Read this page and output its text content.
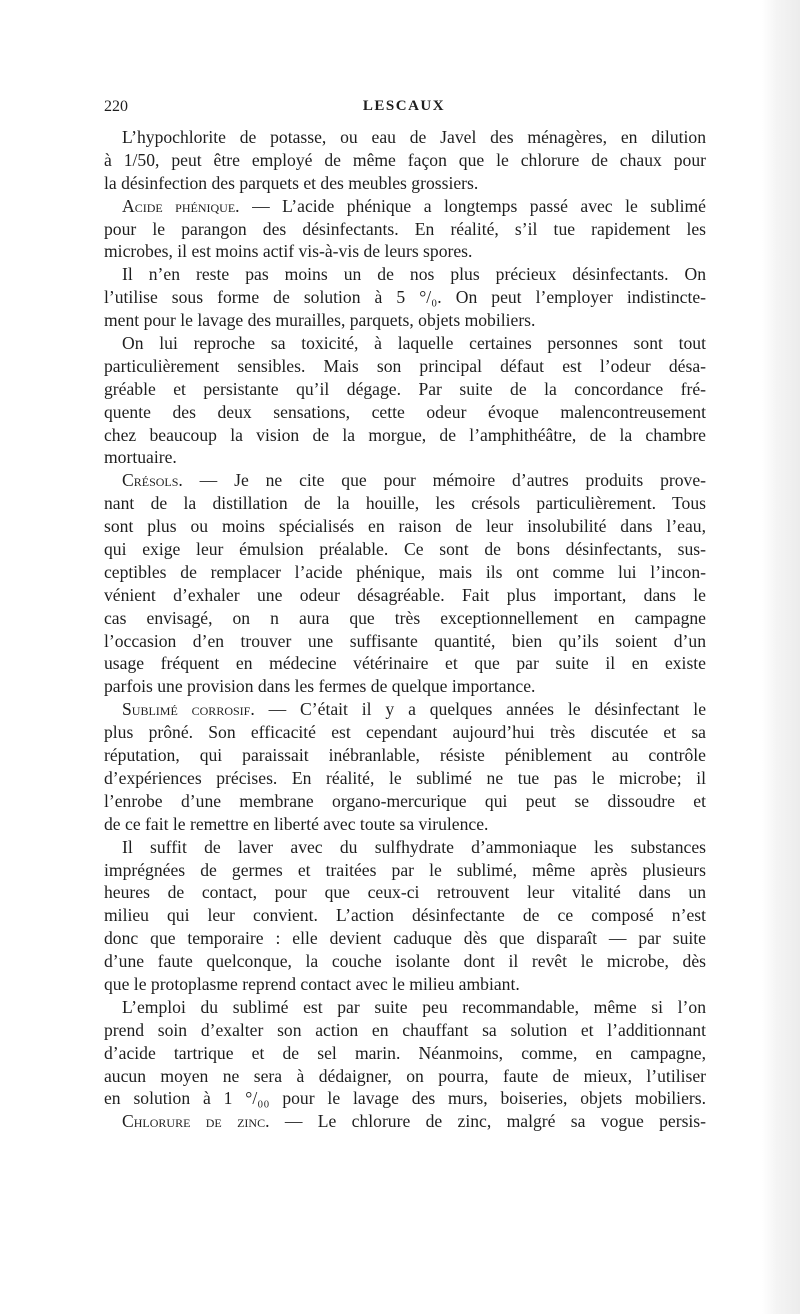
220	LESCAUX
L’hypochlorite de potasse, ou eau de Javel des ménagères, en dilution
à 1/50, peut être employé de même façon que le chlorure de chaux pour
la désinfection des parquets et des meubles grossiers.
Acide phénique. — L’acide phénique a longtemps passé avec le sublimé
pour le parangon des désinfectants. En réalité, s’il tue rapidement les
microbes, il est moins actif vis-à-vis de leurs spores.
Il n’en reste pas moins un de nos plus précieux désinfectants. On
l’utilise sous forme de solution à 5 °/₀. On peut l’employer indistincte-
ment pour le lavage des murailles, parquets, objets mobiliers.
On lui reproche sa toxicité, à laquelle certaines personnes sont tout
particulièrement sensibles. Mais son principal défaut est l’odeur désa-
gréable et persistante qu’il dégage. Par suite de la concordance fré-
quente des deux sensations, cette odeur évoque malencontreusement
chez beaucoup la vision de la morgue, de l’amphithéâtre, de la chambre
mortuaire.
Crésols. — Je ne cite que pour mémoire d’autres produits prove-
nant de la distillation de la houille, les crésols particulièrement. Tous
sont plus ou moins spécialisés en raison de leur insolubilité dans l’eau,
qui exige leur émulsion préalable. Ce sont de bons désinfectants, sus-
ceptibles de remplacer l’acide phénique, mais ils ont comme lui l’incon-
vénient d’exhaler une odeur désagréable. Fait plus important, dans le
cas envisagé, on n aura que très exceptionnellement en campagne
l’occasion d’en trouver une suffisante quantité, bien qu’ils soient d’un
usage fréquent en médecine vétérinaire et que par suite il en existe
parfois une provision dans les fermes de quelque importance.
Sublimé corrosif. — C’était il y a quelques années le désinfectant le
plus prôné. Son efficacité est cependant aujourd’hui très discutée et sa
réputation, qui paraissait inébranlable, résiste péniblement au contrôle
d’expériences précises. En réalité, le sublimé ne tue pas le microbe; il
l’enrobe d’une membrane organo-mercurique qui peut se dissoudre et
de ce fait le remettre en liberté avec toute sa virulence.
Il suffit de laver avec du sulfhydrate d’ammoniaque les substances
imprégnées de germes et traitées par le sublimé, même après plusieurs
heures de contact, pour que ceux-ci retrouvent leur vitalité dans un
milieu qui leur convient. L’action désinfectante de ce composé n’est
donc que temporaire : elle devient caduque dès que disparaît — par suite
d’une faute quelconque, la couche isolante dont il revêt le microbe, dès
que le protoplasme reprend contact avec le milieu ambiant.
L’emploi du sublimé est par suite peu recommandable, même si l’on
prend soin d’exalter son action en chauffant sa solution et l’additionnant
d’acide tartrique et de sel marin. Néanmoins, comme, en campagne,
aucun moyen ne sera à dédaigner, on pourra, faute de mieux, l’utiliser
en solution à 1 °/₀₀ pour le lavage des murs, boiseries, objets mobiliers.
Chlorure de zinc. — Le chlorure de zinc, malgré sa vogue persis-
